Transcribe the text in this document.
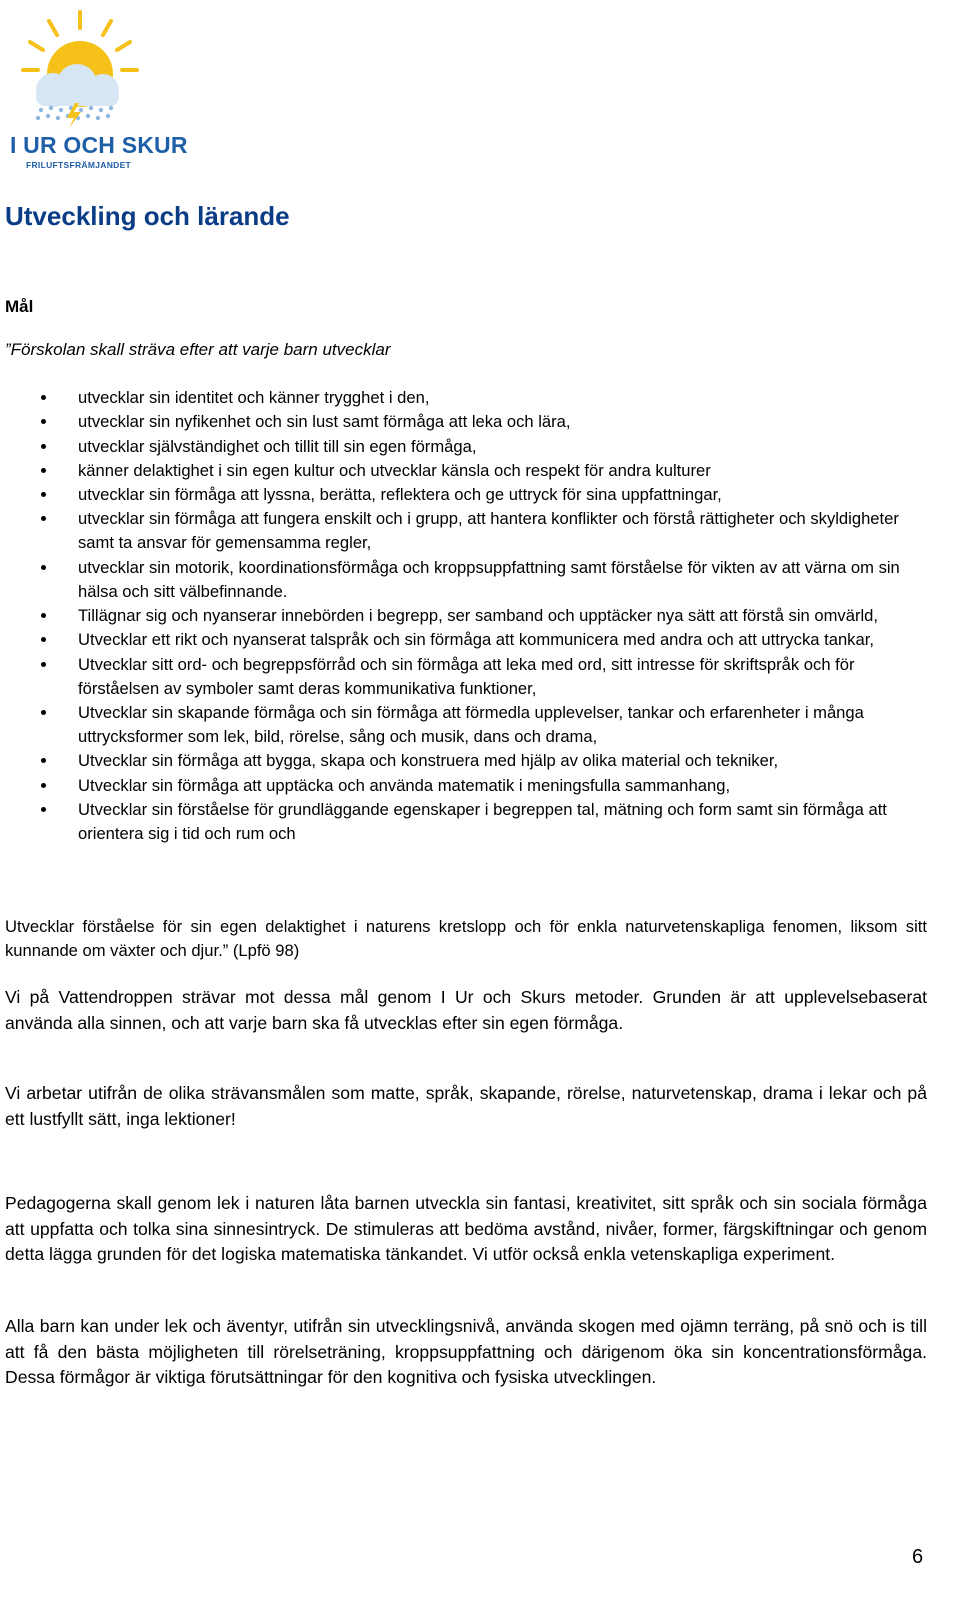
I UR OCH SKUR
FRILUFTSFRÄMJANDET
Utveckling och lärande
Mål
”Förskolan skall sträva efter att varje barn utvecklar
utvecklar sin identitet och känner trygghet i den,
utvecklar sin nyfikenhet och sin lust samt förmåga att leka och lära,
utvecklar självständighet och tillit till sin egen förmåga,
känner delaktighet i sin egen kultur och utvecklar känsla och respekt för andra kulturer
utvecklar sin förmåga att lyssna, berätta, reflektera och ge uttryck för sina uppfattningar,
utvecklar sin förmåga att fungera enskilt och i grupp, att hantera konflikter och förstå rättigheter och skyldigheter samt ta ansvar för gemensamma regler,
utvecklar sin motorik, koordinationsförmåga och kroppsuppfattning samt förståelse för vikten av att värna om sin hälsa och sitt välbefinnande.
Tillägnar sig och nyanserar innebörden i begrepp, ser samband och upptäcker nya sätt att förstå sin omvärld,
Utvecklar ett rikt och nyanserat talspråk och sin förmåga att kommunicera med andra och att uttrycka tankar,
Utvecklar sitt ord- och begreppsförråd och sin förmåga att leka med ord, sitt intresse för skriftspråk och för förståelsen av symboler samt deras kommunikativa funktioner,
Utvecklar sin skapande förmåga och sin förmåga att förmedla upplevelser, tankar och erfarenheter i många uttrycksformer som lek, bild, rörelse, sång och musik, dans och drama,
Utvecklar sin förmåga att bygga, skapa och konstruera med hjälp av olika material och tekniker,
Utvecklar sin förmåga att upptäcka och använda matematik i meningsfulla sammanhang,
Utvecklar sin förståelse för grundläggande egenskaper i begreppen tal, mätning och form samt sin förmåga att orientera sig i tid och rum och

Utvecklar förståelse för sin egen delaktighet i naturens kretslopp och för enkla naturvetenskapliga fenomen, liksom sitt kunnande om växter och djur.” (Lpfö 98)

Vi på Vattendroppen strävar mot dessa mål genom I Ur och Skurs metoder. Grunden är att upplevelsebaserat använda alla sinnen, och att varje barn ska få utvecklas efter sin egen förmåga.

Vi arbetar utifrån de olika strävansmålen som matte, språk, skapande, rörelse, naturvetenskap, drama i lekar och på ett lustfyllt sätt, inga lektioner!

Pedagogerna skall genom lek i naturen låta barnen utveckla sin fantasi, kreativitet, sitt språk och sin sociala förmåga att uppfatta och tolka sina sinnesintryck. De stimuleras att bedöma avstånd, nivåer, former, färgskiftningar och genom detta lägga grunden för det logiska matematiska tänkandet. Vi utför också enkla vetenskapliga experiment.

Alla barn kan under lek och äventyr, utifrån sin utvecklingsnivå, använda skogen med ojämn terräng, på snö och is till att få den bästa möjligheten till rörelseträning, kroppsuppfattning och därigenom öka sin koncentrationsförmåga. Dessa förmågor är viktiga förutsättningar för den kognitiva och fysiska utvecklingen.

6
